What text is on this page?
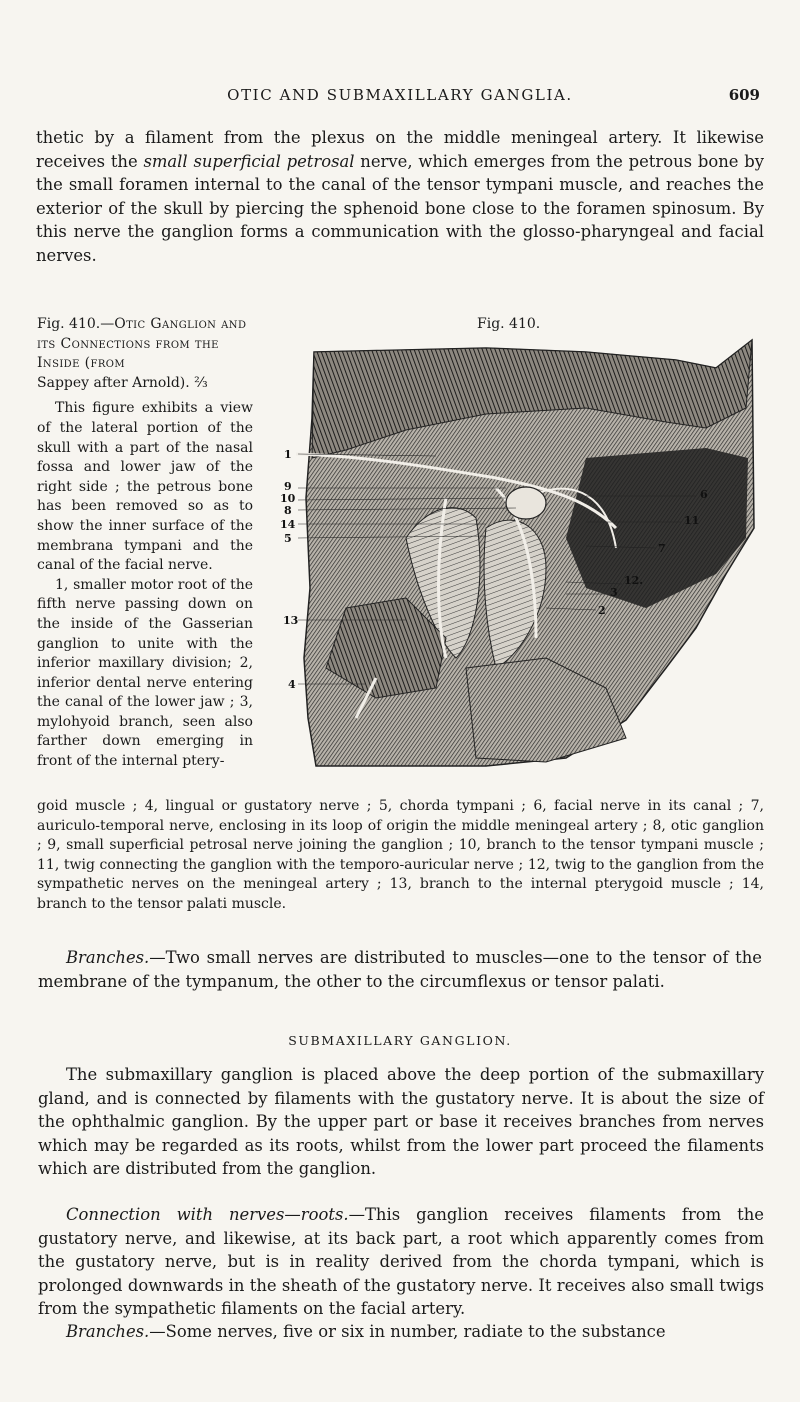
OTIC AND SUBMAXILLARY GANGLIA.	609

thetic by a filament from the plexus on the middle meningeal artery. It likewise receives the small superficial petrosal nerve, which emerges from the petrous bone by the small foramen internal to the canal of the tensor tympani muscle, and reaches the exterior of the skull by piercing the sphenoid bone close to the foramen spinosum. By this nerve the ganglion forms a communication with the glosso-pharyngeal and facial nerves.

Fig. 410.—Otic Ganglion and its Connections from the Inside (from
Sappey after Arnold). ⅔

This figure exhibits a view of the lateral portion of the skull with a part of the nasal fossa and lower jaw of the right side ; the petrous bone has been removed so as to show the inner surface of the membrana tympani and the canal of the facial nerve.

1, smaller motor root of the fifth nerve passing down on the inside of the Gasserian ganglion to unite with the inferior maxillary division; 2, inferior dental nerve entering the canal of the lower jaw ; 3, mylohyoid branch, seen also farther down emerging in front of the internal ptery-

Fig. 410.
1
9
10
8
14
5
13
4
6
11
7
12.
3
2

goid muscle ; 4, lingual or gustatory nerve ; 5, chorda tympani ; 6, facial nerve in its canal ; 7, auriculo-temporal nerve, enclosing in its loop of origin the middle meningeal artery ; 8, otic ganglion ; 9, small superficial petrosal nerve joining the ganglion ; 10, branch to the tensor tympani muscle ; 11, twig connecting the ganglion with the temporo-auricular nerve ; 12, twig to the ganglion from the sympathetic nerves on the meningeal artery ; 13, branch to the internal pterygoid muscle ; 14, branch to the tensor palati muscle.

Branches.—Two small nerves are distributed to muscles—one to the tensor of the membrane of the tympanum, the other to the circumflexus or tensor palati.

SUBMAXILLARY GANGLION.

The submaxillary ganglion is placed above the deep portion of the submaxillary gland, and is connected by filaments with the gustatory nerve. It is about the size of the ophthalmic ganglion. By the upper part or base it receives branches from nerves which may be regarded as its roots, whilst from the lower part proceed the filaments which are distributed from the ganglion.

Connection with nerves—roots.—This ganglion receives filaments from the gustatory nerve, and likewise, at its back part, a root which apparently comes from the gustatory nerve, but is in reality derived from the chorda tympani, which is prolonged downwards in the sheath of the gustatory nerve. It receives also small twigs from the sympathetic filaments on the facial artery.

Branches.—Some nerves, five or six in number, radiate to the substance
